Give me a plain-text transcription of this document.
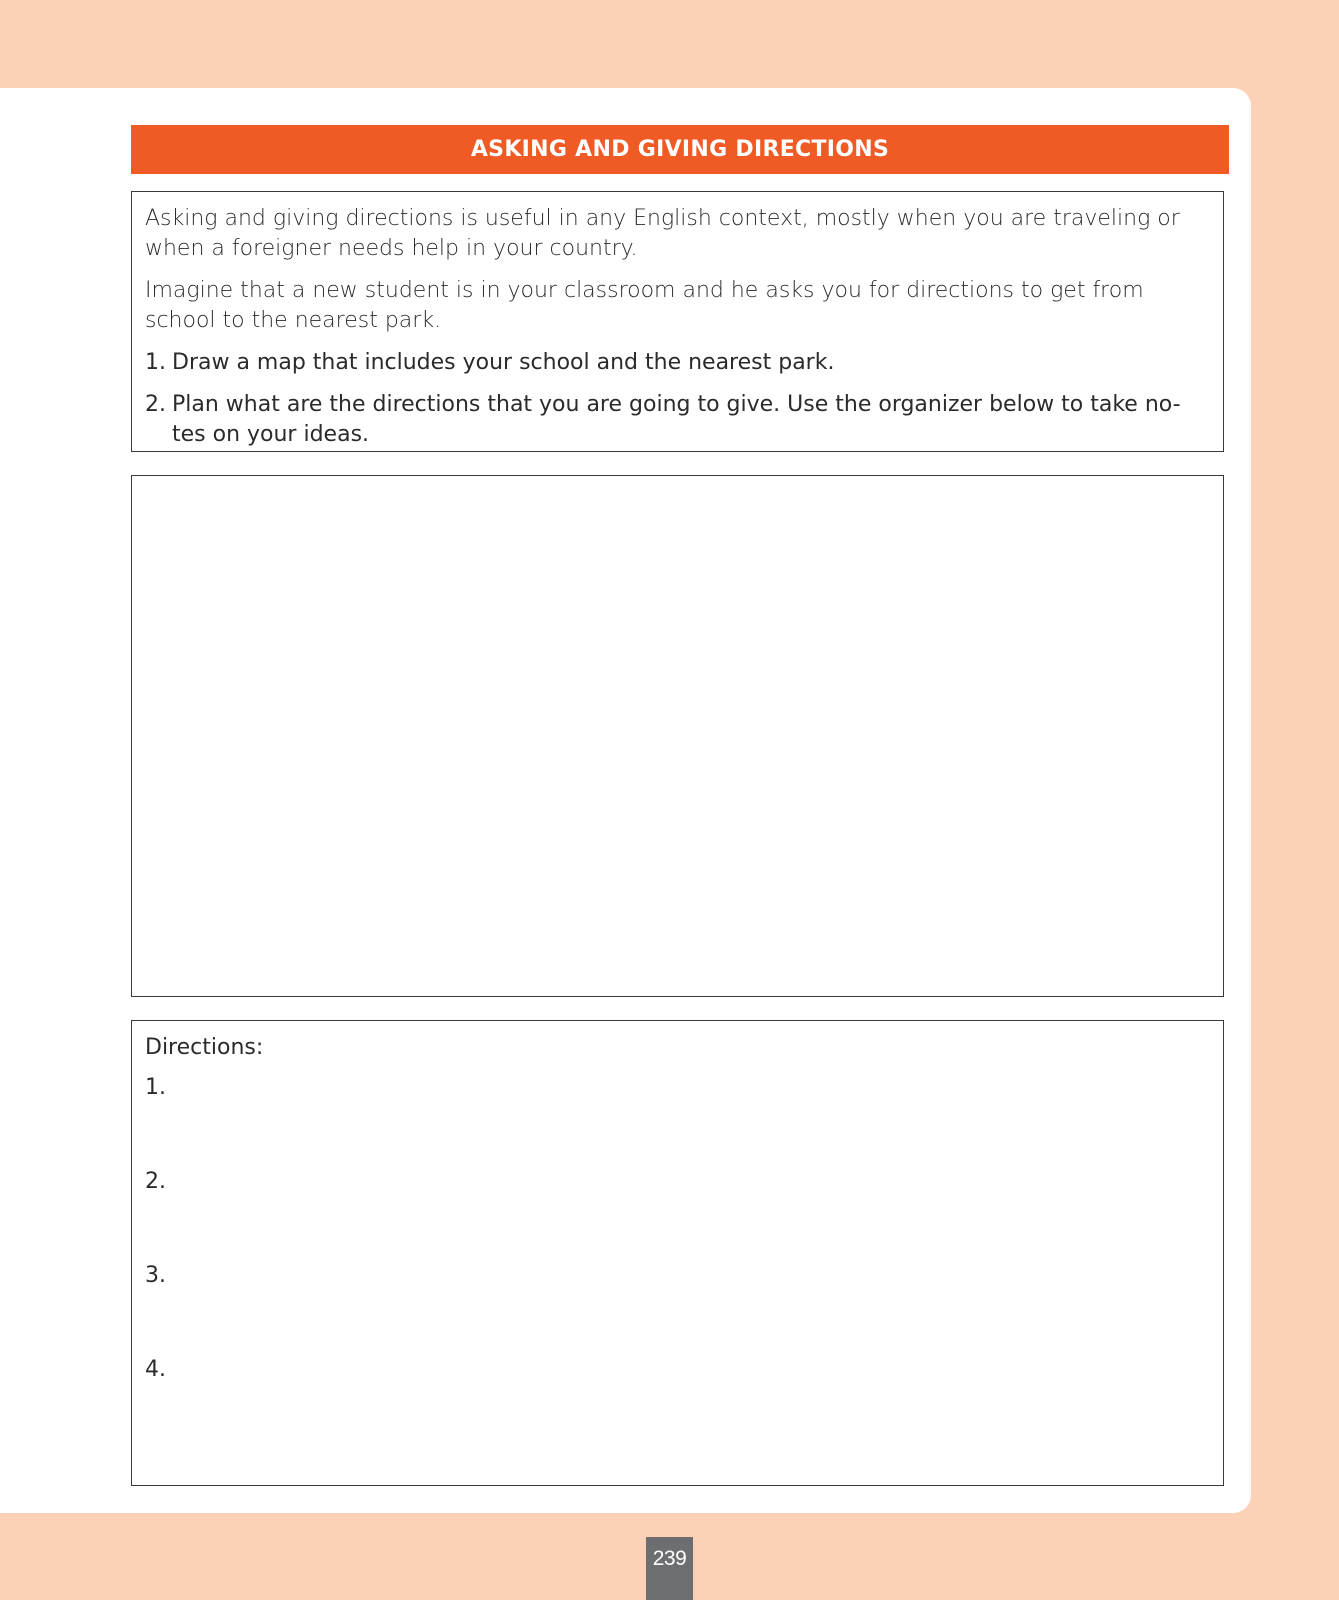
ASKING AND GIVING DIRECTIONS

Asking and giving directions is useful in any English context, mostly when you are traveling or when a foreigner needs help in your country.

Imagine that a new student is in your classroom and he asks you for directions to get from school to the nearest park.

1. Draw a map that includes your school and the nearest park.
2. Plan what are the directions that you are going to give. Use the organizer below to take no-tes on your ideas.
Directions:
1.
2.
3.
4.
239
